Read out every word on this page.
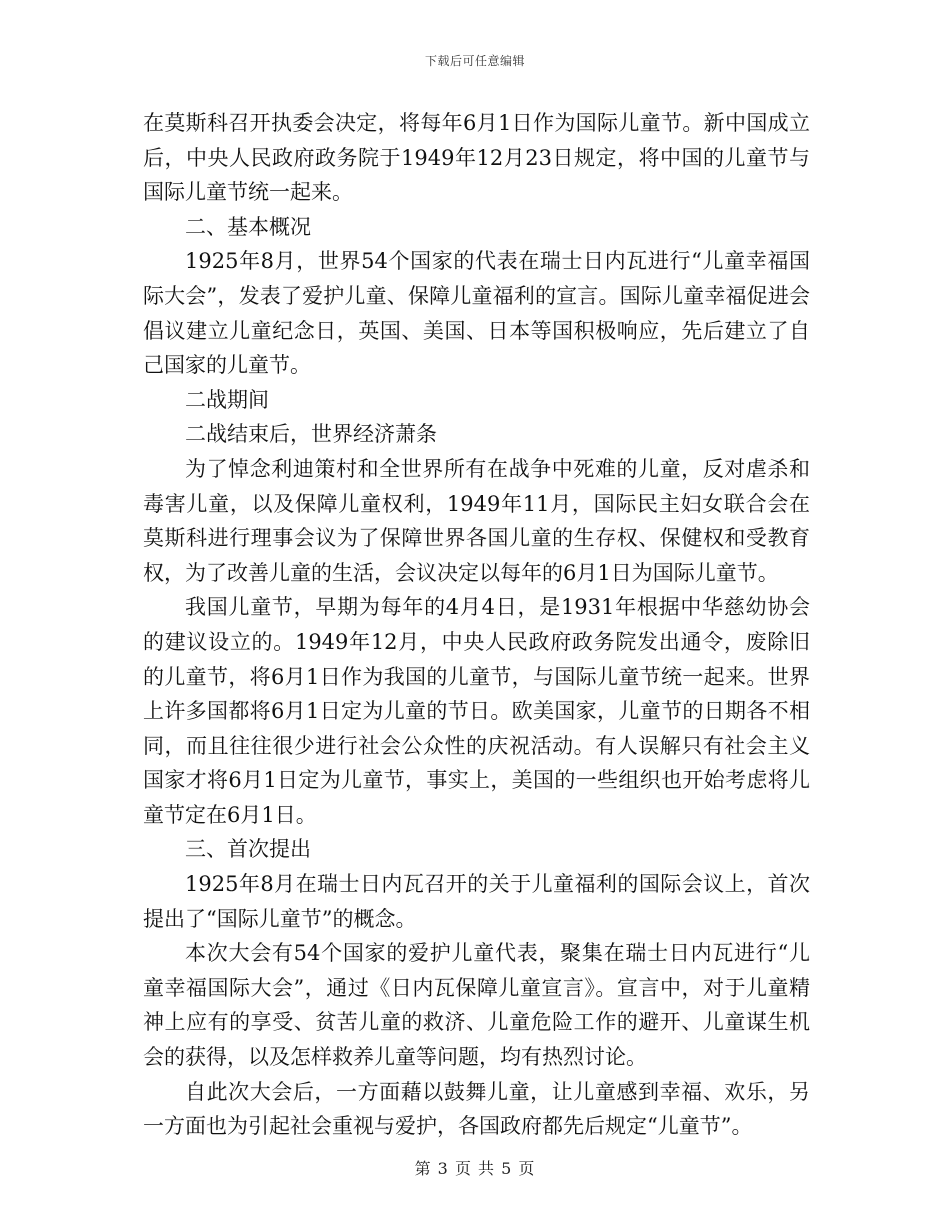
下载后可任意编辑

在莫斯科召开执委会决定，将每年6月1日作为国际儿童节。新中国成立后，中央人民政府政务院于1949年12月23日规定，将中国的儿童节与国际儿童节统一起来。

二、基本概况

1925年8月，世界54个国家的代表在瑞士日内瓦进行“儿童幸福国际大会”，发表了爱护儿童、保障儿童福利的宣言。国际儿童幸福促进会倡议建立儿童纪念日，英国、美国、日本等国积极响应，先后建立了自己国家的儿童节。

二战期间

二战结束后，世界经济萧条

为了悼念利迪策村和全世界所有在战争中死难的儿童，反对虐杀和毒害儿童，以及保障儿童权利，1949年11月，国际民主妇女联合会在莫斯科进行理事会议为了保障世界各国儿童的生存权、保健权和受教育权，为了改善儿童的生活，会议决定以每年的6月1日为国际儿童节。

我国儿童节，早期为每年的4月4日，是1931年根据中华慈幼协会的建议设立的。1949年12月，中央人民政府政务院发出通令，废除旧的儿童节，将6月1日作为我国的儿童节，与国际儿童节统一起来。世界上许多国都将6月1日定为儿童的节日。欧美国家，儿童节的日期各不相同，而且往往很少进行社会公众性的庆祝活动。有人误解只有社会主义国家才将6月1日定为儿童节，事实上，美国的一些组织也开始考虑将儿童节定在6月1日。

三、首次提出

1925年8月在瑞士日内瓦召开的关于儿童福利的国际会议上，首次提出了“国际儿童节”的概念。

本次大会有54个国家的爱护儿童代表，聚集在瑞士日内瓦进行“儿童幸福国际大会”，通过《日内瓦保障儿童宣言》。宣言中，对于儿童精神上应有的享受、贫苦儿童的救济、儿童危险工作的避开、儿童谋生机会的获得，以及怎样救养儿童等问题，均有热烈讨论。

自此次大会后，一方面藉以鼓舞儿童，让儿童感到幸福、欢乐，另一方面也为引起社会重视与爱护，各国政府都先后规定“儿童节”。

第 3 页 共 5 页
